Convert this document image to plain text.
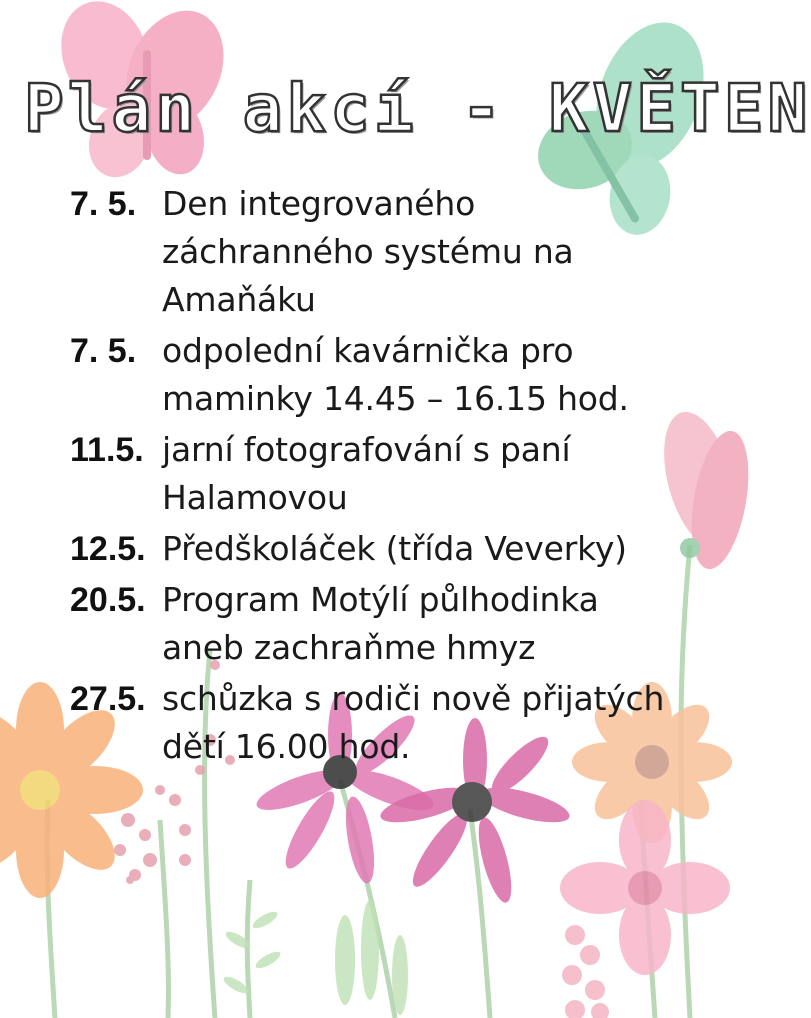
Plán akcí - KVĚTEN
7. 5. Den integrovaného
záchranného systému na
Amaňáku
7. 5. odpolední kavárnička pro
maminky 14.45 – 16.15 hod.
11.5. jarní fotografování s paní
Halamovou
12.5. Předškoláček (třída Veverky)
20.5. Program Motýlí půlhodinka
aneb zachraňme hmyz
27.5. schůzka s rodiči nově přijatých
dětí 16.00 hod.
